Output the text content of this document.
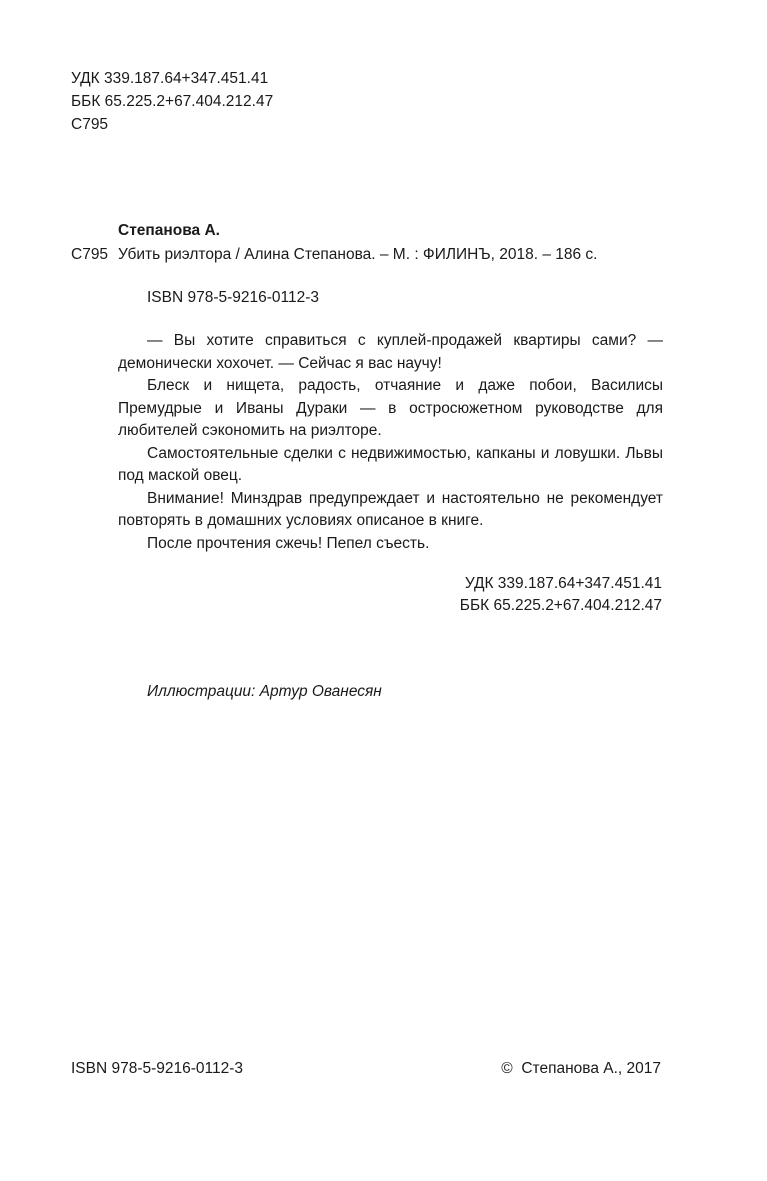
УДК 339.187.64+347.451.41
ББК 65.225.2+67.404.212.47
С795
Степанова А.
С795 Убить риэлтора / Алина Степанова. – М. : ФИЛИНЪ, 2018. – 186 с.
ISBN 978-5-9216-0112-3

— Вы хотите справиться с куплей-продажей квартиры сами? — демонически хохочет. — Сейчас я вас научу!

Блеск и нищета, радость, отчаяние и даже побои, Василисы Премудрые и Иваны Дураки — в остросюжетном руководстве для любителей сэкономить на риэлторе.

Самостоятельные сделки с недвижимостью, капканы и ловушки. Львы под маской овец.

Внимание! Минздрав предупреждает и настоятельно не рекомендует повторять в домашних условиях описаное в книге.

После прочтения сжечь! Пепел съесть.

УДК 339.187.64+347.451.41
ББК 65.225.2+67.404.212.47
Иллюстрации: Артур Ованесян
ISBN 978-5-9216-0112-3	©  Степанова А., 2017
